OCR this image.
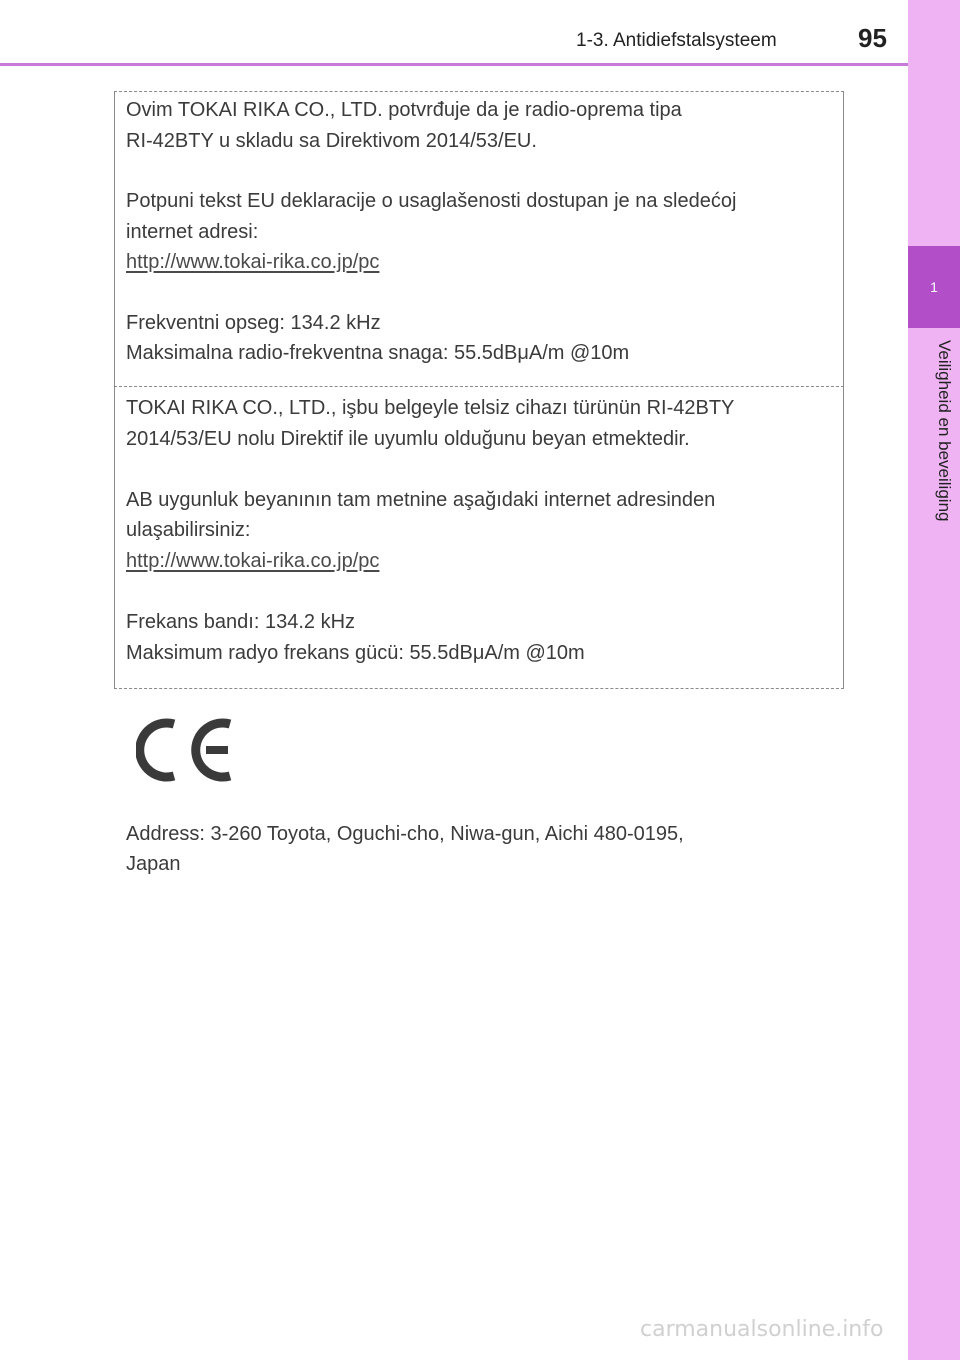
1-3. Antidiefstalsysteem	95
1
Veiligheid en beveiliging
Ovim TOKAI RIKA CO., LTD. potvrđuje da je radio-oprema tipa
RI-42BTY u skladu sa Direktivom 2014/53/EU.
Potpuni tekst EU deklaracije o usaglašenosti dostupan je na sledećoj
internet adresi:
http://www.tokai-rika.co.jp/pc
Frekventni opseg: 134.2 kHz
Maksimalna radio-frekventna snaga: 55.5dBμA/m @10m
TOKAI RIKA CO., LTD., işbu belgeyle telsiz cihazı türünün RI-42BTY
2014/53/EU nolu Direktif ile uyumlu olduğunu beyan etmektedir.
AB uygunluk beyanının tam metnine aşağıdaki internet adresinden
ulaşabilirsiniz:
http://www.tokai-rika.co.jp/pc
Frekans bandı: 134.2 kHz
Maksimum radyo frekans gücü: 55.5dBμA/m @10m
Address: 3-260 Toyota, Oguchi-cho, Niwa-gun, Aichi 480-0195,
Japan
carmanualsonline.info
